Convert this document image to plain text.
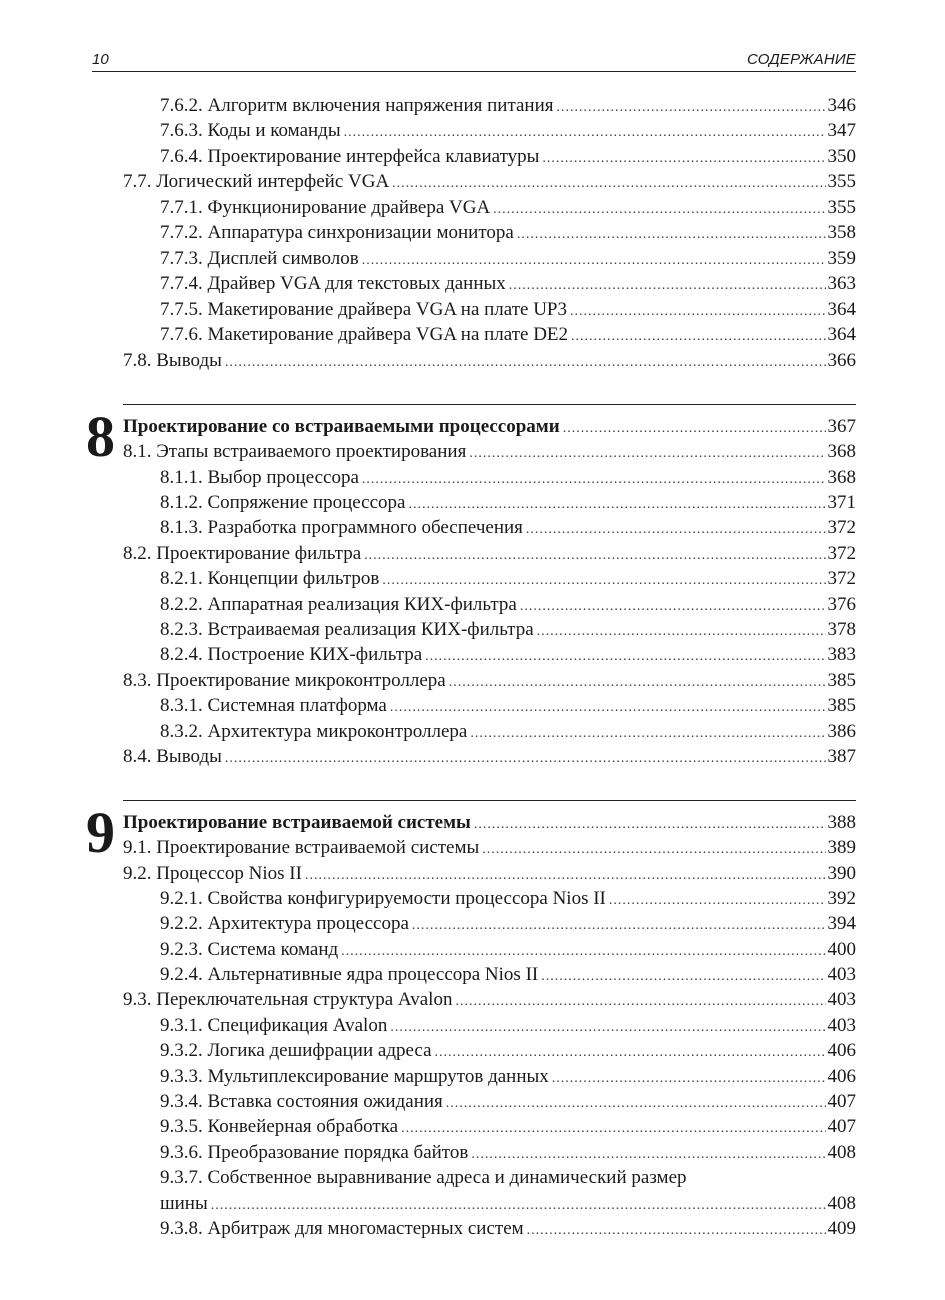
10	СОДЕРЖАНИЕ
7.6.2. Алгоритм включения напряжения питания .....	346
7.6.3. Коды и команды .....	347
7.6.4. Проектирование интерфейса клавиатуры .....	350
7.7. Логический интерфейс VGA .....	355
7.7.1. Функционирование драйвера VGA .....	355
7.7.2. Аппаратура синхронизации монитора .....	358
7.7.3. Дисплей символов .....	359
7.7.4. Драйвер VGA для текстовых данных .....	363
7.7.5. Макетирование драйвера VGA на плате UP3 .....	364
7.7.6. Макетирование драйвера VGA на плате DE2 .....	364
7.8. Выводы .....	366
8 Проектирование со встраиваемыми процессорами .....	367
8.1. Этапы встраиваемого проектирования .....	368
8.1.1. Выбор процессора .....	368
8.1.2. Сопряжение процессора .....	371
8.1.3. Разработка программного обеспечения .....	372
8.2. Проектирование фильтра .....	372
8.2.1. Концепции фильтров .....	372
8.2.2. Аппаратная реализация КИХ-фильтра .....	376
8.2.3. Встраиваемая реализация КИХ-фильтра .....	378
8.2.4. Построение КИХ-фильтра .....	383
8.3. Проектирование микроконтроллера .....	385
8.3.1. Системная платформа .....	385
8.3.2. Архитектура микроконтроллера .....	386
8.4. Выводы .....	387
9 Проектирование встраиваемой системы .....	388
9.1. Проектирование встраиваемой системы .....	389
9.2. Процессор Nios II .....	390
9.2.1. Свойства конфигурируемости процессора Nios II .....	392
9.2.2. Архитектура процессора .....	394
9.2.3. Система команд .....	400
9.2.4. Альтернативные ядра процессора Nios II .....	403
9.3. Переключательная структура Avalon .....	403
9.3.1. Спецификация Avalon .....	403
9.3.2. Логика дешифрации адреса .....	406
9.3.3. Мультиплексирование маршрутов данных .....	406
9.3.4. Вставка состояния ожидания .....	407
9.3.5. Конвейерная обработка .....	407
9.3.6. Преобразование порядка байтов .....	408
9.3.7. Собственное выравнивание адреса и динамический размер
шины .....	408
9.3.8. Арбитраж для многомастерных систем .....	409
